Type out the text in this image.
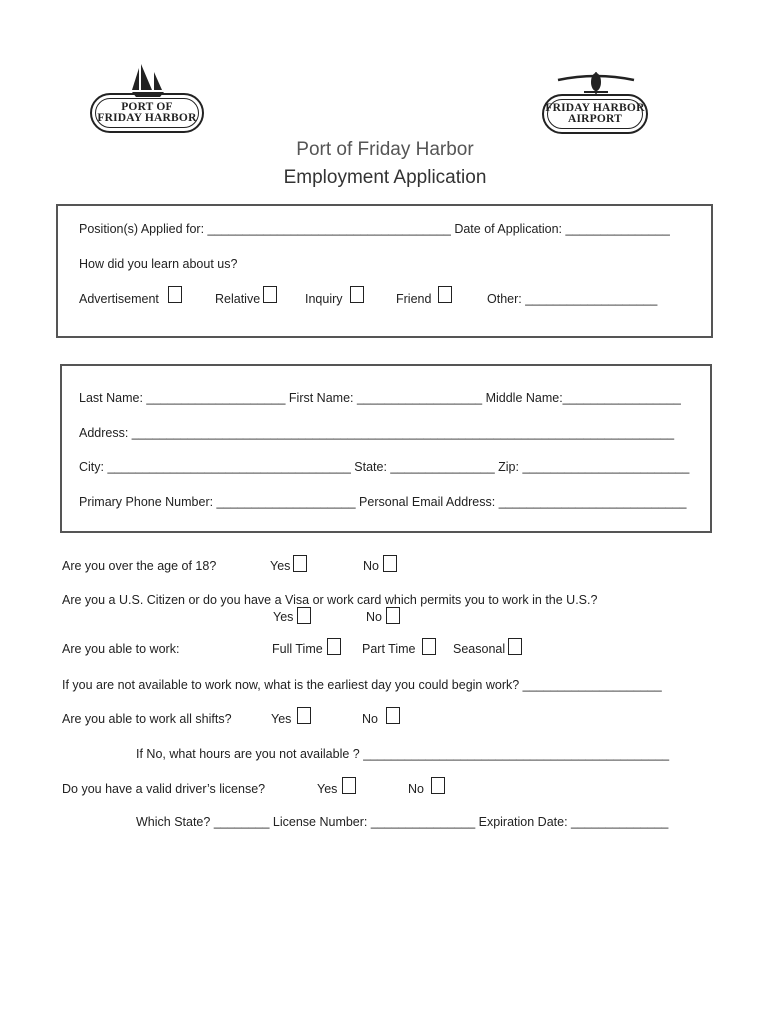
PORT OF
FRIDAY HARBOR
FRIDAY HARBOR
AIRPORT
Port of Friday Harbor
Employment Application
Position(s) Applied for: ___________________________________ Date of Application: _______________
How did you learn about us?
Advertisement	Relative	Inquiry	Friend	Other: ___________________
Last Name: ____________________ First Name: __________________ Middle Name:_________________
Address: ______________________________________________________________________________
City: ___________________________________ State: _______________ Zip: ________________________
Primary Phone Number: ____________________ Personal Email Address: ___________________________
Are you over the age of 18?	Yes	No
Are you a U.S. Citizen or do you have a Visa or work card which permits you to work in the U.S.?
Yes	No
Are you able to work:	Full Time	Part Time	Seasonal
If you are not available to work now, what is the earliest day you could begin work? ____________________
Are you able to work all shifts?	Yes	No
If No, what hours are you not available ? ____________________________________________
Do you have a valid driver’s license?	Yes	No
Which State? ________ License Number: _______________ Expiration Date: ______________
